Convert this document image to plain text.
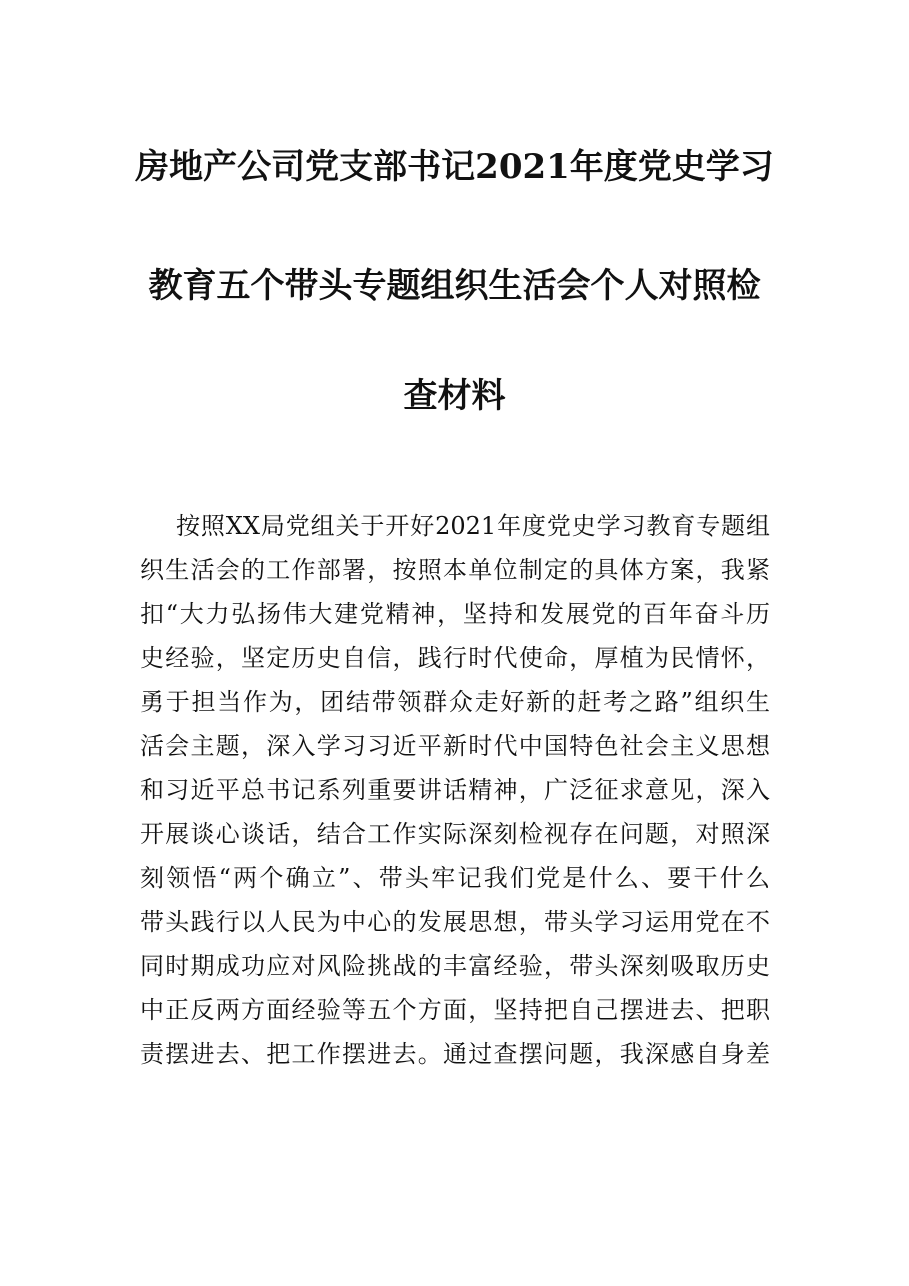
房地产公司党支部书记2021年度党史学习
教育五个带头专题组织生活会个人对照检
查材料
按照XX局党组关于开好2021年度党史学习教育专题组
织生活会的工作部署，按照本单位制定的具体方案，我紧
扣“大力弘扬伟大建党精神，坚持和发展党的百年奋斗历
史经验，坚定历史自信，践行时代使命，厚植为民情怀，
勇于担当作为，团结带领群众走好新的赶考之路”组织生
活会主题，深入学习习近平新时代中国特色社会主义思想
和习近平总书记系列重要讲话精神，广泛征求意见，深入
开展谈心谈话，结合工作实际深刻检视存在问题，对照深
刻领悟“两个确立”、带头牢记我们党是什么、要干什么
带头践行以人民为中心的发展思想，带头学习运用党在不
同时期成功应对风险挑战的丰富经验，带头深刻吸取历史
中正反两方面经验等五个方面，坚持把自己摆进去、把职
责摆进去、把工作摆进去。通过查摆问题，我深感自身差
